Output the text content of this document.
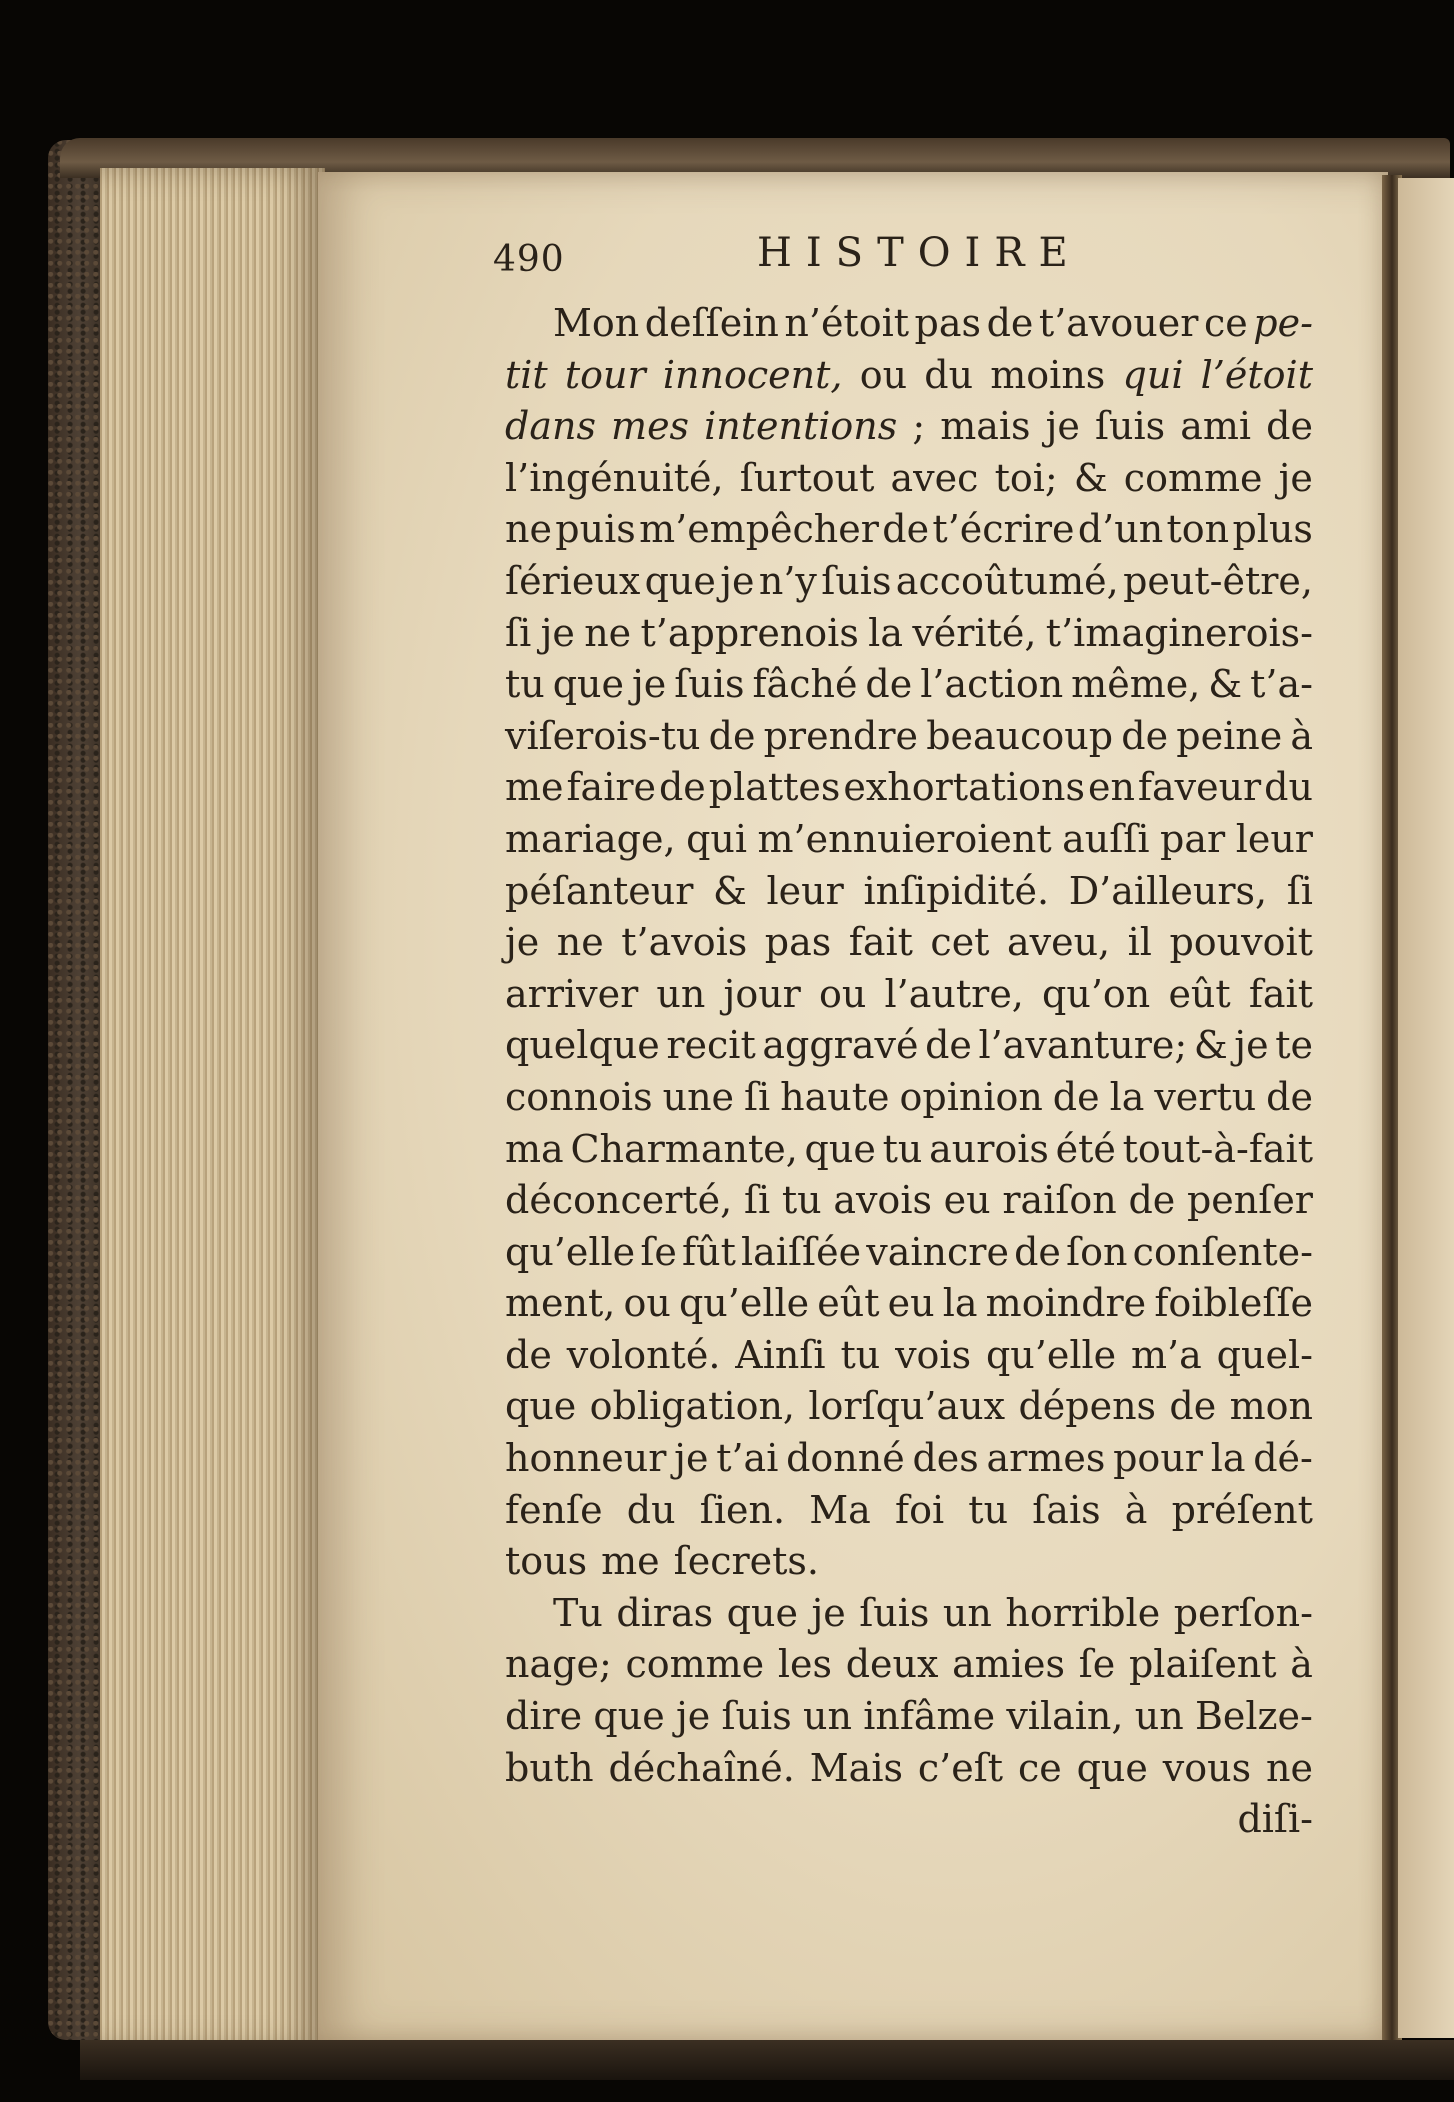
490	HISTOIRE
Mon deſſein n’étoit pas de t’avouer ce pe-
tit tour innocent, ou du moins qui l’étoit
dans mes intentions ; mais je ſuis ami de
l’ingénuité, ſurtout avec toi; & comme je
ne puis m’empêcher de t’écrire d’un ton plus
ſérieux que je n’y ſuis accoûtumé, peut-être,
ſi je ne t’apprenois la vérité, t’imaginerois-
tu que je ſuis fâché de l’action même, & t’a-
viſerois-tu de prendre beaucoup de peine à
me faire de plattes exhortations en faveur du
mariage, qui m’ennuieroient auſſi par leur
péſanteur & leur inſipidité. D’ailleurs, ſi
je ne t’avois pas fait cet aveu, il pouvoit
arriver un jour ou l’autre, qu’on eût fait
quelque recit aggravé de l’avanture; & je te
connois une ſi haute opinion de la vertu de
ma Charmante, que tu aurois été tout-à-fait
déconcerté, ſi tu avois eu raiſon de penſer
qu’elle ſe fût laiſſée vaincre de ſon conſente-
ment, ou qu’elle eût eu la moindre foibleſſe
de volonté. Ainſi tu vois qu’elle m’a quel-
que obligation, lorſqu’aux dépens de mon
honneur je t’ai donné des armes pour la dé-
fenſe du ſien. Ma foi tu ſais à préſent
tous me ſecrets.
Tu diras que je ſuis un horrible perſon-
nage; comme les deux amies ſe plaiſent à
dire que je ſuis un infâme vilain, un Belze-
buth déchaîné. Mais c’eſt ce que vous ne
diſi-
